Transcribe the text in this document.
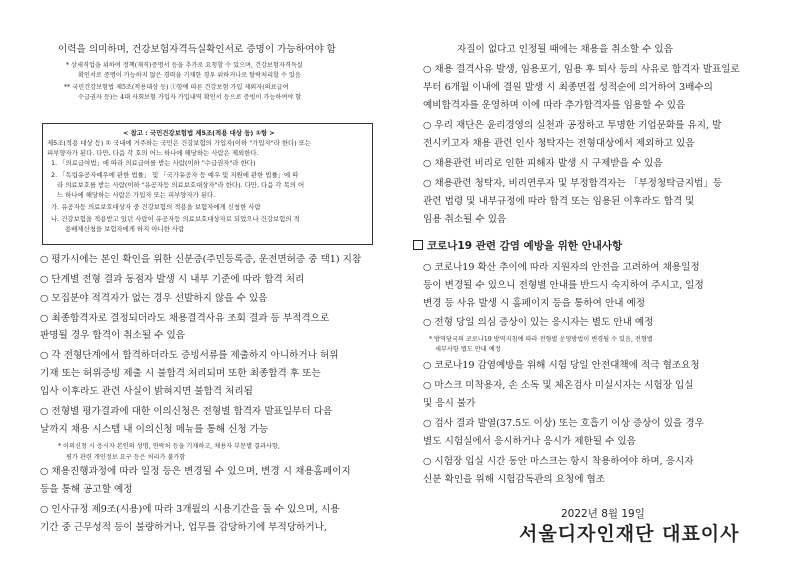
이력을 의미하며, 건강보험자격득실확인서로 증명이 가능하여야 함
* 상세직업을 위하여 정책(재직)증명서 등을 추가로 요청할 수 있으며, 건강보험자격득실
확인서로 증명이 가능하지 않은 경력을 기재한 경우 위하거나로 탈락처리할 수 있음
** 국민건강보험법 제5조(적용대상 등) ①항에 따른 건강보험 가입 제외자(의료급여
수급권자 등)는 4대 사회보험 가입자 가입내역 확인서 등으로 증빙이 가능하여야 함
< 참고 : 국민건강보험법 제5조(적용 대상 등) ①항 >
제5조(적용 대상 등) ① 국내에 거주하는 국민은 건강보험의 가입자(이하 "가입자"라 한다) 또는
피부양자가 된다. 다만, 다음 각 호의 어느 하나에 해당하는 사람은 제외한다.
1. 「의료급여법」에 따라 의료급여를 받는 사람(이하 "수급권자"라 한다)
2. 「독립유공자예우에 관한 법률」 및 「국가유공자 등 예우 및 지원에 관한 법률」에 따
라 의료보호를 받는 사람(이하 "유공자등 의료보호대상자"라 한다). 다만, 다음 각 목의 어
느 하나에 해당하는 사람은 가입자 또는 피부양자가 된다.
가. 유공자등 의료보호대상자 중 건강보험의 적용을 보험자에게 신청한 사람
나. 건강보험을 적용받고 있던 사람이 유공자등 의료보호대상자로 되었으나 건강보험의 적
용배제신청을 보험자에게 하지 아니한 사람
○ 평가시에는 본인 확인을 위한 신분증(주민등록증, 운전면허증 중 택1) 지참
○ 단계별 전형 결과 동점자 발생 시 내부 기준에 따라 합격 처리
○ 모집분야 적격자가 없는 경우 선발하지 않을 수 있음
○ 최종합격자로 결정되더라도 채용결격사유 조회 결과 등 부적격으로
판명될 경우 합격이 취소될 수 있음
○ 각 전형단계에서 합격하더라도 증빙서류를 제출하지 아니하거나 허위
기재 또는 허위증빙 제출 시 불합격 처리되며 또한 최종합격 후 또는
입사 이후라도 관련 사실이 밝혀지면 불합격 처리됨
○ 전형별 평가결과에 대한 이의신청은 전형별 합격자 발표일부터 다음
날까지 채용 시스템 내 이의신청 메뉴를 통해 신청 가능
* 이의신청 시 응시자 본인의 성명, 연락처 등을 기재하고, 채용자 부문별 결과사항,
평가 관련 개인정보 요구 등은 처리가 불가함
○ 채용진행과정에 따라 일정 등은 변경될 수 있으며, 변경 시 채용홈페이지
등을 통해 공고할 예정
○ 인사규정 제9조(시용)에 따라 3개월의 시용기간을 둘 수 있으며, 시용
기간 중 근무성적 등이 불량하거나, 업무를 감당하기에 부적당하거나,
자질이 없다고 인정될 때에는 채용을 취소할 수 있음
○ 채용 결격사유 발생, 임용포기, 임용 후 퇴사 등의 사유로 합격자 발표일로
부터 6개월 이내에 결원 발생 시 최종면접 성적순에 의거하여 3배수의
예비합격자를 운영하며 이에 따라 추가합격자를 임용할 수 있음
○ 우리 재단은 윤리경영의 실천과 공정하고 투명한 기업문화를 유지, 발
전시키고자 채용 관련 인사 청탁자는 전형대상에서 제외하고 있음
○ 채용관련 비리로 인한 피해자 발생 시 구제받을 수 있음
○ 채용관련 청탁자, 비리연루자 및 부정합격자는 「부정청탁금지법」등
관련 법령 및 내부규정에 따라 합격 또는 임용된 이후라도 합격 및
임용 취소될 수 있음
코로나19 관련 감염 예방을 위한 안내사항
○ 코로나19 확산 추이에 따라 지원자의 안전을 고려하여 채용일정
등이 변경될 수 있으니 전형별 안내를 반드시 숙지하여 주시고, 일정
변경 등 사유 발생 시 홈페이지 등을 통하여 안내 예정
○ 전형 당일 의심 증상이 있는 응시자는 별도 안내 예정
* 방역당국의 코로나19 방역지침에 따라 전형별 운영방법이 변경될 수 있음, 전형별
세부사항 별도 안내 예정
○ 코로나19 감염예방을 위해 시험 당일 안전대책에 적극 협조요청
○ 마스크 미착용자, 손 소독 및 체온검사 미실시자는 시험장 입실
및 응시 불가
○ 검사 결과 발열(37.5도 이상) 또는 호흡기 이상 증상이 있을 경우
별도 시험실에서 응시하거나 응시가 제한될 수 있음
○ 시험장 입실 시간 동안 마스크는 항시 착용하여야 하며, 응시자
신분 확인을 위해 시험감독관의 요청에 협조
2022년 8월 19일
서울디자인재단 대표이사
